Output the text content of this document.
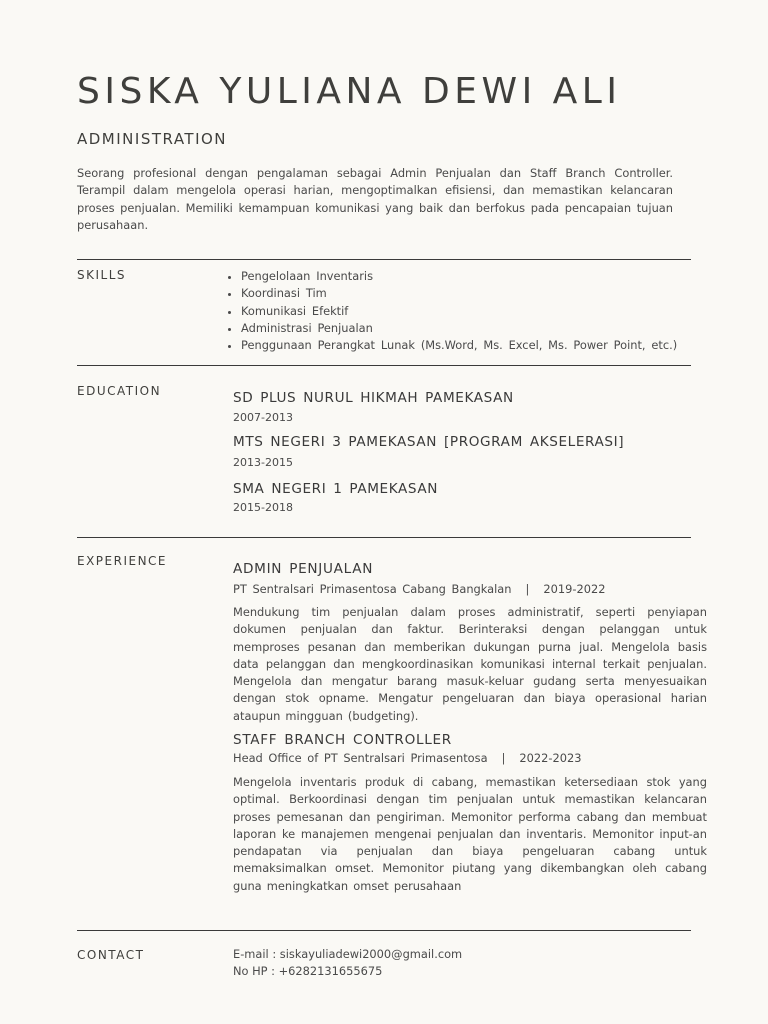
SISKA YULIANA DEWI ALI
ADMINISTRATION
Seorang profesional dengan pengalaman sebagai Admin Penjualan dan Staff Branch Controller. Terampil dalam mengelola operasi harian, mengoptimalkan efisiensi, dan memastikan kelancaran proses penjualan. Memiliki kemampuan komunikasi yang baik dan berfokus pada pencapaian tujuan perusahaan.
SKILLS	Pengelolaan Inventaris
Koordinasi Tim
Komunikasi Efektif
Administrasi Penjualan
Penggunaan Perangkat Lunak (Ms.Word, Ms. Excel, Ms. Power Point, etc.)
EDUCATION	SD PLUS NURUL HIKMAH PAMEKASAN
2007-2013
MTS NEGERI 3 PAMEKASAN [PROGRAM AKSELERASI]
2013-2015
SMA NEGERI 1 PAMEKASAN
2015-2018
EXPERIENCE	ADMIN PENJUALAN
PT Sentralsari Primasentosa Cabang Bangkalan | 2019-2022
Mendukung tim penjualan dalam proses administratif, seperti penyiapan dokumen penjualan dan faktur. Berinteraksi dengan pelanggan untuk memproses pesanan dan memberikan dukungan purna jual. Mengelola basis data pelanggan dan mengkoordinasikan komunikasi internal terkait penjualan. Mengelola dan mengatur barang masuk-keluar gudang serta menyesuaikan dengan stok opname. Mengatur pengeluaran dan biaya operasional harian ataupun mingguan (budgeting).
STAFF BRANCH CONTROLLER
Head Office of PT Sentralsari Primasentosa | 2022-2023
Mengelola inventaris produk di cabang, memastikan ketersediaan stok yang optimal. Berkoordinasi dengan tim penjualan untuk memastikan kelancaran proses pemesanan dan pengiriman. Memonitor performa cabang dan membuat laporan ke manajemen mengenai penjualan dan inventaris. Memonitor input-an pendapatan via penjualan dan biaya pengeluaran cabang untuk memaksimalkan omset. Memonitor piutang yang dikembangkan oleh cabang guna meningkatkan omset perusahaan
CONTACT	E-mail : siskayuliadewi2000@gmail.com
No HP : +6282131655675
